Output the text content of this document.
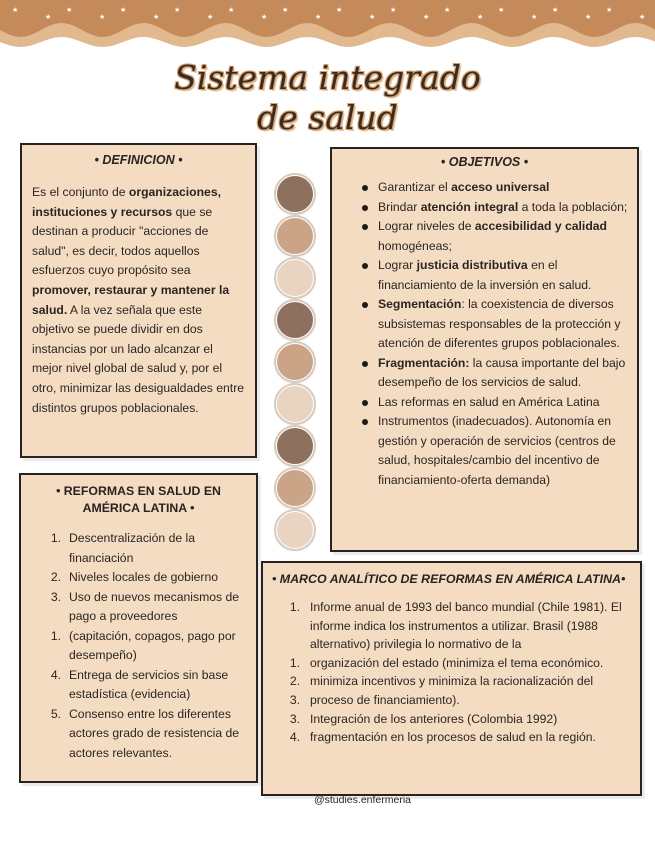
★
★
★
★
★
★
★
★
★
★
★
★
★
★
★
★
★
★
★
★
★
★
★
★
Sistema integrado
de salud
• DEFINICION •

Es el conjunto de organizaciones, instituciones y recursos que se destinan a producir "acciones de salud", es decir, todos aquellos esfuerzos cuyo propósito sea promover, restaurar y mantener la salud. A la vez señala que este objetivo se puede dividir en dos instancias por un lado alcanzar el mejor nivel global de salud y, por el otro, minimizar las desigualdades entre distintos grupos poblacionales.

• OBJETIVOS •
Garantizar el acceso universal
Brindar atención integral a toda la población;
Lograr niveles de accesibilidad y calidad homogéneas;
Lograr justicia distributiva en el financiamiento de la inversión en salud.
Segmentación: la coexistencia de diversos subsistemas responsables de la protección y atención de diferentes grupos poblacionales.
Fragmentación: la causa importante del bajo desempeño de los servicios de salud.
Las reformas en salud en América Latina
Instrumentos (inadecuados). Autonomía en gestión y operación de servicios (centros de salud, hospitales/cambio del incentivo de financiamiento-oferta demanda)
• REFORMAS EN SALUD EN AMÉRICA LATINA •
1. Descentralización de la financiación
2. Niveles locales de gobierno
3. Uso de nuevos mecanismos de pago a proveedores
1. (capitación, copagos, pago por desempeño)
4. Entrega de servicios sin base estadística (evidencia)
5. Consenso entre los diferentes actores grado de resistencia de actores relevantes.
• MARCO ANALÍTICO DE REFORMAS EN AMÉRICA LATINA•
1. Informe anual de 1993 del banco mundial (Chile 1981). El informe indica los instrumentos a utilizar. Brasil (1988 alternativo) privilegia lo normativo de la
1. organización del estado (minimiza el tema económico.
2. minimiza incentivos y minimiza la racionalización del
3. proceso de financiamiento).
3. Integración de los anteriores (Colombia 1992)
4. fragmentación en los procesos de salud en la región.
@studies.enfermeria
